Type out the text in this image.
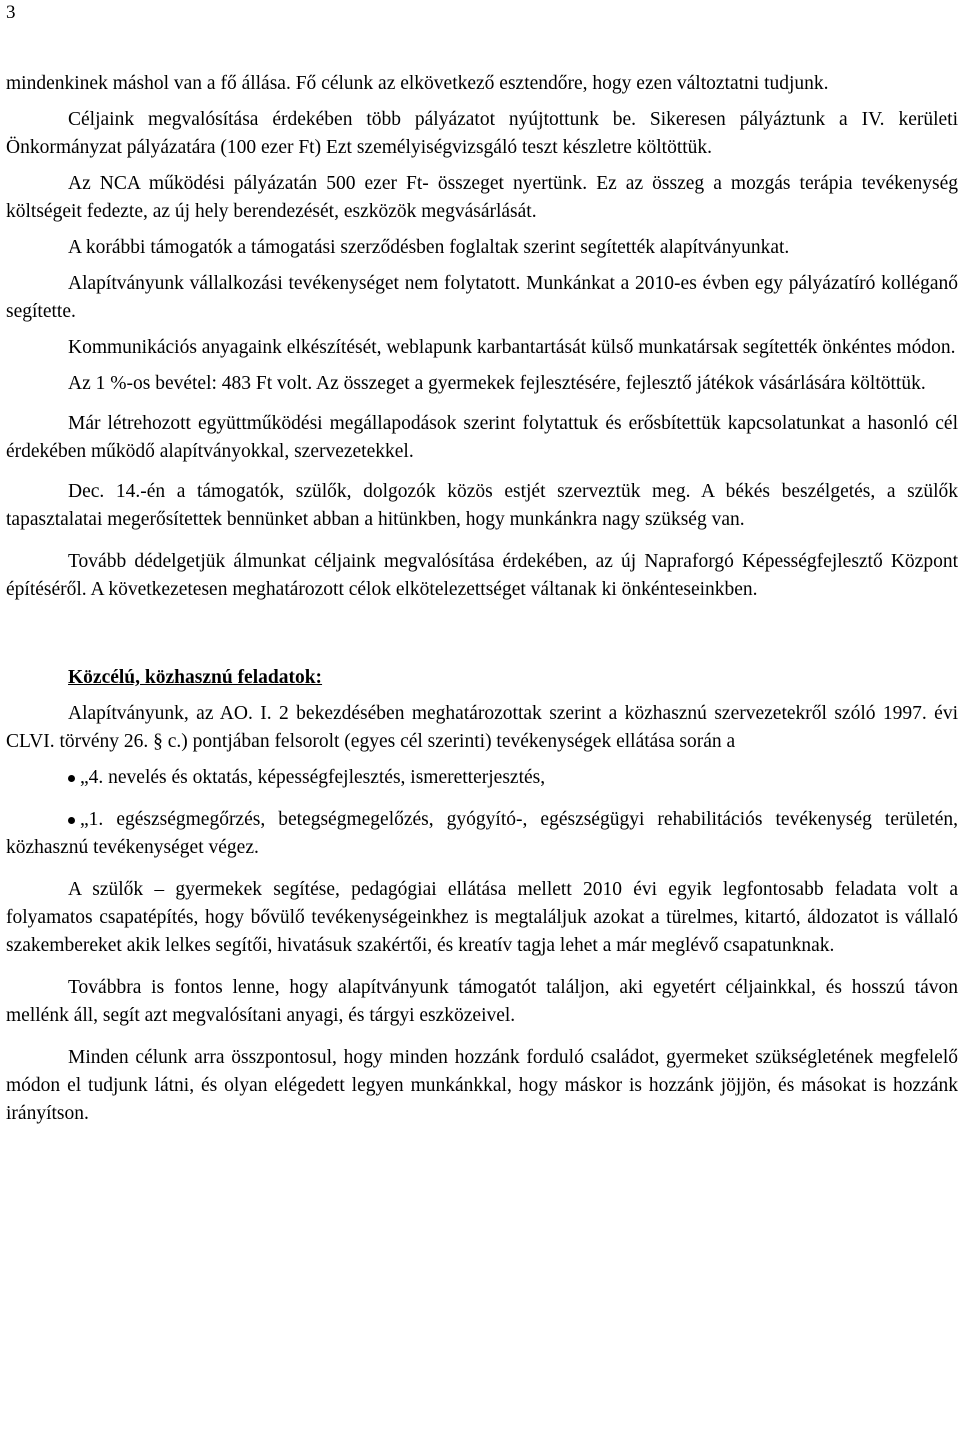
3

mindenkinek máshol van a fő állása. Fő célunk az elkövetkező esztendőre, hogy ezen változtatni tudjunk.

Céljaink megvalósítása érdekében több pályázatot nyújtottunk be. Sikeresen pályáztunk a IV. kerületi Önkormányzat pályázatára (100 ezer Ft) Ezt személyiségvizsgáló teszt készletre költöttük.

Az NCA működési pályázatán 500 ezer Ft- összeget nyertünk. Ez az összeg a mozgás terápia tevékenység költségeit fedezte, az új hely berendezését, eszközök megvásárlását.

A korábbi támogatók a támogatási szerződésben foglaltak szerint segítették alapítványunkat.

Alapítványunk vállalkozási tevékenységet nem folytatott. Munkánkat a 2010-es évben egy pályázatíró kolléganő segítette.

Kommunikációs anyagaink elkészítését, weblapunk karbantartását külső munkatársak segítették önkéntes módon.

Az 1 %-os bevétel: 483 Ft volt. Az összeget a gyermekek fejlesztésére, fejlesztő játékok vásárlására költöttük.

Már létrehozott együttműködési megállapodások szerint folytattuk és erősbítettük kapcsolatunkat a hasonló cél érdekében működő alapítványokkal, szervezetekkel.

Dec. 14.-én a támogatók, szülők, dolgozók közös estjét szerveztük meg. A békés beszélgetés, a szülők tapasztalatai megerősítettek bennünket abban a hitünkben, hogy munkánkra nagy szükség van.

Tovább dédelgetjük álmunkat céljaink megvalósítása érdekében, az új Napraforgó Képességfejlesztő Központ építéséről. A következetesen meghatározott célok elkötelezettséget váltanak ki önkénteseinkben.

Közcélú, közhasznú feladatok:

Alapítványunk, az AO. I. 2 bekezdésében meghatározottak szerint a közhasznú szervezetekről szóló 1997. évi CLVI. törvény 26. § c.) pontjában felsorolt (egyes cél szerinti) tevékenységek ellátása során a

„4. nevelés és oktatás, képességfejlesztés, ismeretterjesztés,

„1. egészségmegőrzés, betegségmegelőzés, gyógyító-, egészségügyi rehabilitációs tevékenység területén, közhasznú tevékenységet végez.

A szülők – gyermekek segítése, pedagógiai ellátása mellett 2010 évi egyik legfontosabb feladata volt a folyamatos csapatépítés, hogy bővülő tevékenységeinkhez is megtaláljuk azokat a türelmes, kitartó, áldozatot is vállaló szakembereket akik lelkes segítői, hivatásuk szakértői, és kreatív tagja lehet a már meglévő csapatunknak.

Továbbra is fontos lenne, hogy alapítványunk támogatót találjon, aki egyetért céljainkkal, és hosszú távon mellénk áll, segít azt megvalósítani anyagi, és tárgyi eszközeivel.

Minden célunk arra összpontosul, hogy minden hozzánk forduló családot, gyermeket szükségletének megfelelő módon el tudjunk látni, és olyan elégedett legyen munkánkkal, hogy máskor is hozzánk jöjjön, és másokat is hozzánk irányítson.
